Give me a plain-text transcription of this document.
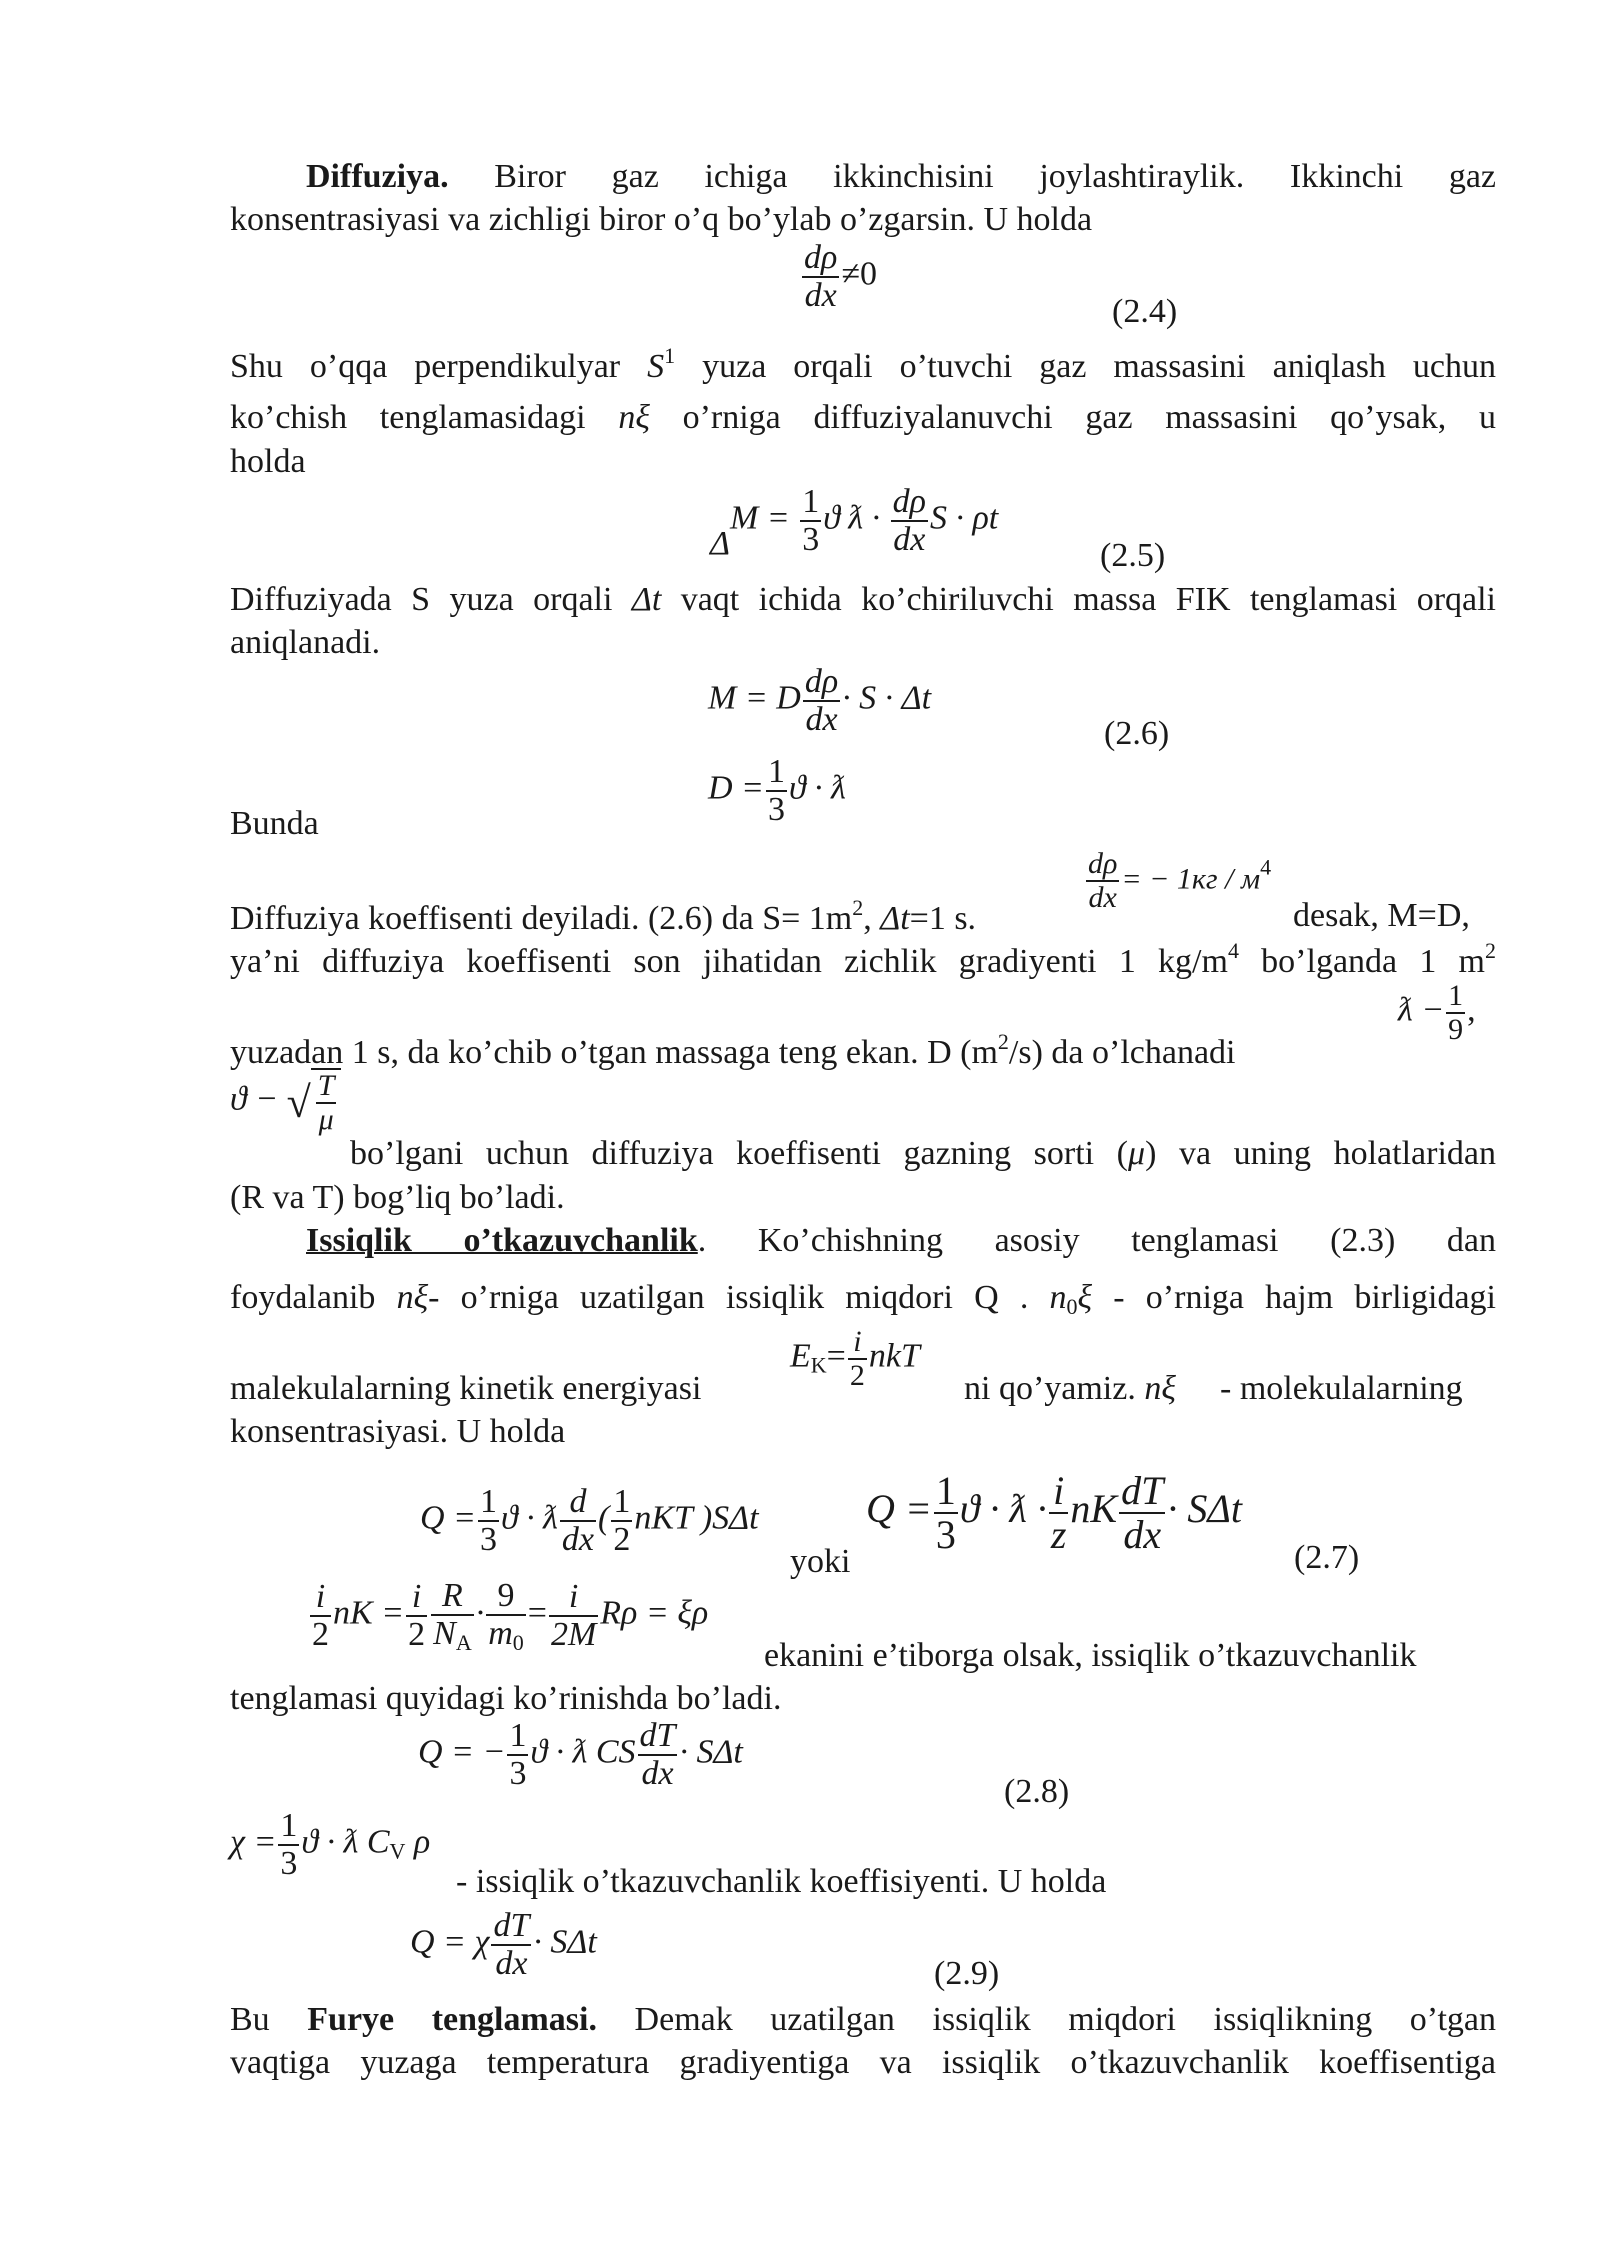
Diffuziya. Biror gaz ichiga ikkinchisini joylashtiraylik. Ikkinchi gaz
konsentrasiyasi va zichligi biror o’q bo’ylab o’zgarsin. U holda
$\frac{d\rho}{dx} \ne 0$
(2.4)
Shu o’qqa perpendikulyar $S^1$ yuza orqali o’tuvchi gaz massasini aniqlash uchun
ko’chish tenglamasidagi nξ o’rniga diffuziyalanuvchi gaz massasini qo’ysak, u
holda
$\Delta M = \frac{1}{3}$ ϑ ƛ · $\frac{d\rho}{dx}$ S · ρt
(2.5)
Diffuziyada S yuza orqali Δt vaqt ichida ko’chiriluvchi massa FIK tenglamasi orqali
aniqlanadi.
M = D $\frac{d\rho}{dx} \cdot S \cdot \Delta t$
(2.6)
$D = \frac{1}{3}$ ϑ · ƛ
Bunda
$\frac{d\rho}{dx}$ = − $1кг / м^4$
Diffuziya koeffisenti deyiladi. (2.6) da $S= 1m^2$, Δt=1 s.	desak, M=D,
ya’ni diffuziya koeffisenti son jihatidan zichlik gradiyenti 1 $kg/m^4$ bo’lganda 1 $m^2$
ƛ − $\frac{1}{9}$ ,
yuzadan 1 s, da ko’chib o’tgan massaga teng ekan. D $(m^2/s)$ da o’lchanadi
ϑ − √ $\frac{T}{\mu}$
bo’lgani uchun diffuziya koeffisenti gazning sorti (μ) va uning holatlaridan
(R va T) bog’liq bo’ladi.
Issiqlik o’tkazuvchanlik. Ko’chishning asosiy tenglamasi (2.3) dan
foydalanib nξ- o’rniga uzatilgan issiqlik miqdori Q . $n_0\xi$ - o’rniga hajm birligidagi
$E_K= \frac{i}{2}$ nkT
malekulalarning kinetik energiyasi	ni qo’yamiz. nξ - molekulalarning
konsentrasiyasi. U holda
$Q = \frac{1}{3}$ ϑ · ƛ $\frac{d}{dx}$ ( $\frac{1}{2}$ nKT )SΔt
yoki
$Q = \frac{1}{3}$ ϑ · ƛ · $\frac{i}{z}$ nK $\frac{dT}{dx} \cdot S\Delta t$
(2.7)
$\frac{i}{2}$ nK = $\frac{i}{2} \frac{R}{N_A} \cdot \frac{9}{m_0} = \frac{i}{2M}$ Rρ = ξρ
ekanini e’tiborga olsak, issiqlik o’tkazuvchanlik
tenglamasi quyidagi ko’rinishda bo’ladi.
Q = − $\frac{1}{3}$ ϑ · ƛ CS $\frac{dT}{dx} \cdot S\Delta t$
(2.8)
$\chi = \frac{1}{3}$ ϑ · ƛ $C_V$ ρ
- issiqlik o’tkazuvchanlik koeffisiyenti. U holda
Q = χ $\frac{dT}{dx} \cdot S\Delta t$
(2.9)
Bu Furye tenglamasi. Demak uzatilgan issiqlik miqdori issiqlikning o’tgan
vaqtiga yuzaga temperatura gradiyentiga va issiqlik o’tkazuvchanlik koeffisentiga
